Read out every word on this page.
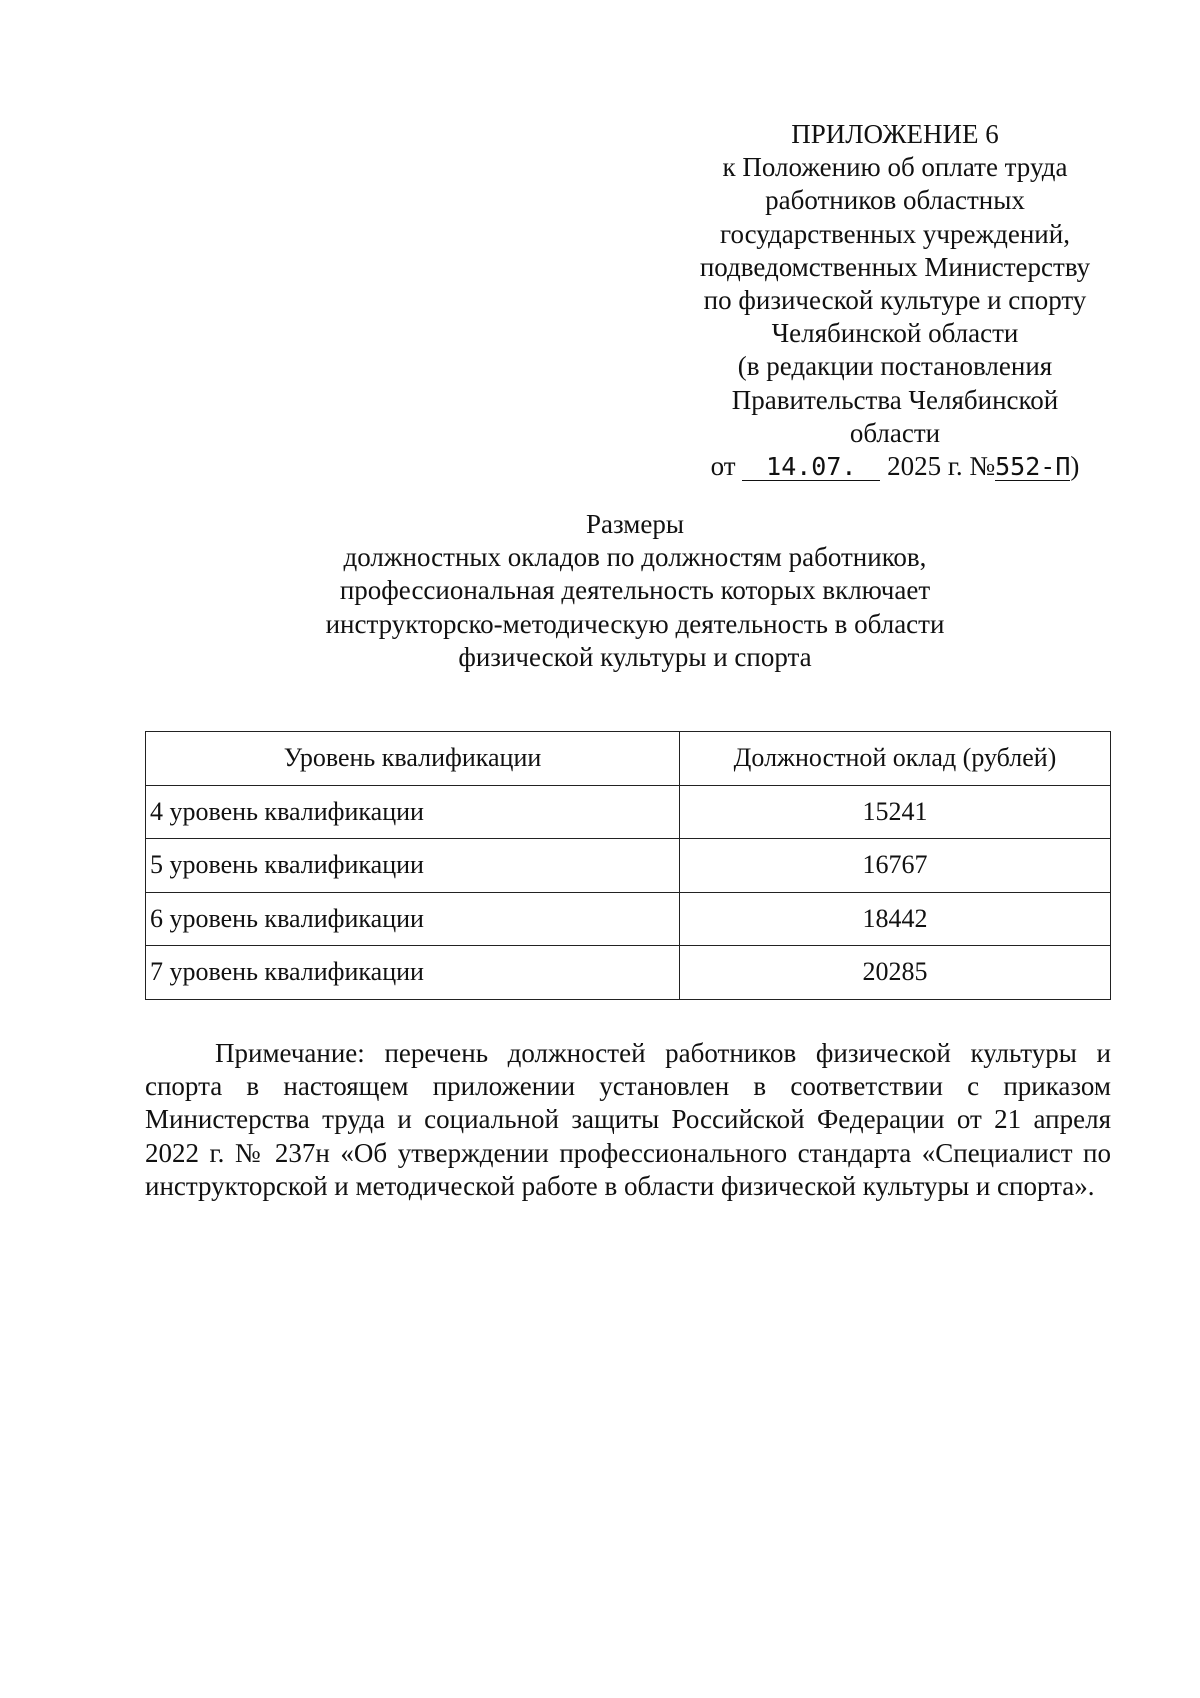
ПРИЛОЖЕНИЕ 6
к Положению об оплате труда
работников областных
государственных учреждений,
подведомственных Министерству
по физической культуре и спорту
Челябинской области
(в редакции постановления
Правительства Челябинской
области
от 14.07. 2025 г. №552-П)
Размеры
должностных окладов по должностям работников,
профессиональная деятельность которых включает
инструкторско-методическую деятельность в области
физической культуры и спорта
Уровень квалификации	Должностной оклад (рублей)
4 уровень квалификации	15241
5 уровень квалификации	16767
6 уровень квалификации	18442
7 уровень квалификации	20285

Примечание: перечень должностей работников физической культуры и спорта в настоящем приложении установлен в соответствии с приказом Министерства труда и социальной защиты Российской Федерации от 21 апреля 2022 г. № 237н «Об утверждении профессионального стандарта «Специалист по инструкторской и методической работе в области физической культуры и спорта».
